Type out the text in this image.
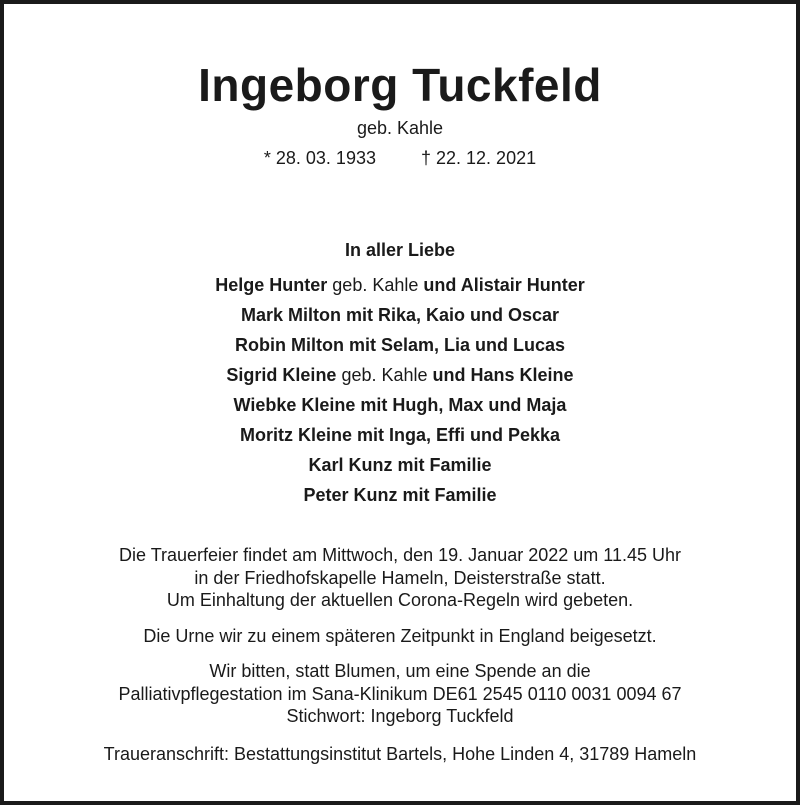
Ingeborg Tuckfeld
geb. Kahle
* 28. 03. 1933	† 22. 12. 2021
In aller Liebe
Helge Hunter geb. Kahle und Alistair Hunter
Mark Milton mit Rika, Kaio und Oscar
Robin Milton mit Selam, Lia und Lucas
Sigrid Kleine geb. Kahle und Hans Kleine
Wiebke Kleine mit Hugh, Max und Maja
Moritz Kleine mit Inga, Effi und Pekka
Karl Kunz mit Familie
Peter Kunz mit Familie
Die Trauerfeier findet am Mittwoch, den 19. Januar 2022 um 11.45 Uhr
in der Friedhofskapelle Hameln, Deisterstraße statt.
Um Einhaltung der aktuellen Corona-Regeln wird gebeten.
Die Urne wir zu einem späteren Zeitpunkt in England beigesetzt.
Wir bitten, statt Blumen, um eine Spende an die
Palliativpflegestation im Sana-Klinikum DE61 2545 0110 0031 0094 67
Stichwort: Ingeborg Tuckfeld
Traueranschrift: Bestattungsinstitut Bartels, Hohe Linden 4, 31789 Hameln
